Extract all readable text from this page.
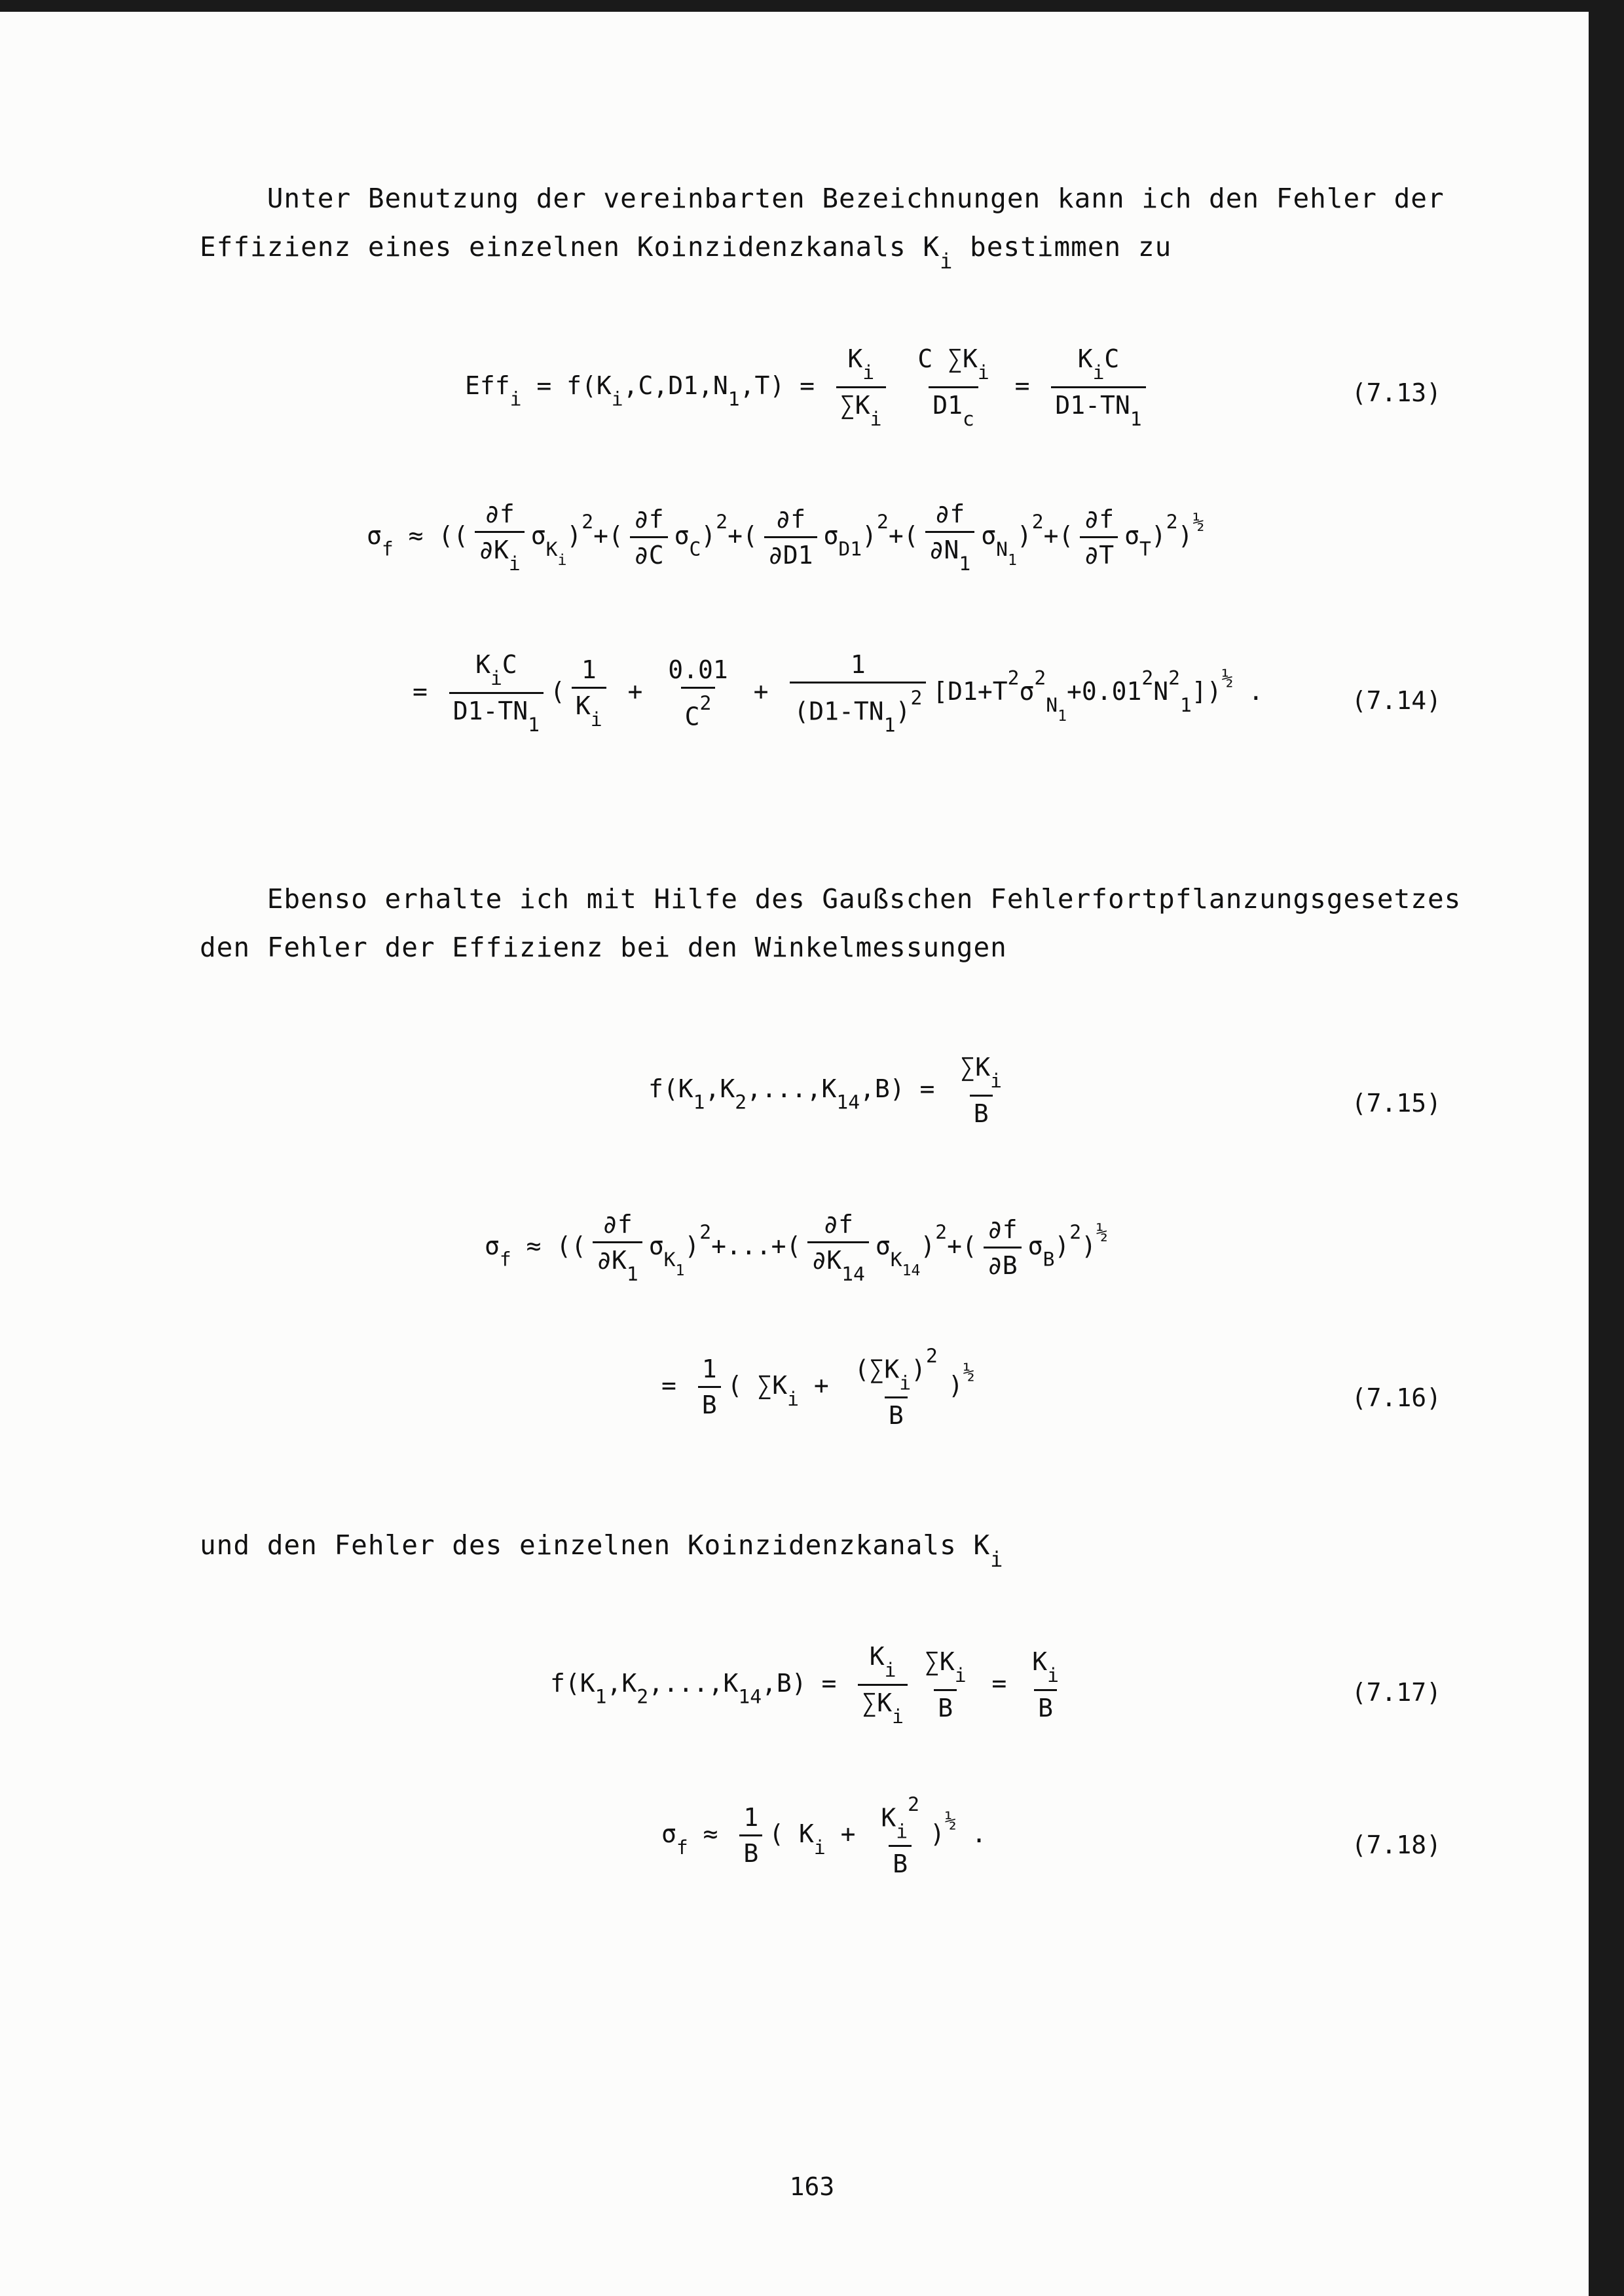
Unter Benutzung der vereinbarten Bezeichnungen kann ich den Fehler der
Effizienz eines einzelnen Koinzidenzkanals $K_i$ bestimmen zu
$Eff_i = f(K_i,C,D1,N_1,T) = \frac{K_i}{\sum K_i}$
$\frac{C \sum K_i}{D1_c} = \frac{K_iC}{D1-TN_1}$	(7.13)
$\sigma_f$ ≈ (( $\frac{\partial f}{\partial K_i} \sigma_{K_i})^2+( \frac{\partial f}{\partial C} \sigma_C)^2+( \frac{\partial f}{\partial D1} \sigma_{D1})^2+( \frac{\partial f}{\partial N_1} \sigma_{N_1})^2+( \frac{\partial f}{\partial T} \sigma_T)^2)^{\frac{1}{2}}$
= $\frac{K_iC}{D1-TN_1}$ ( $\frac{1}{K_i} + \frac{0.01}{C^2} + \frac{1}{(D1-TN_1)^2} [D1+T^2\sigma^2_{N_1}+0.01^2N^2_1])^{\frac{1}{2}}$ .	(7.14)
Ebenso erhalte ich mit Hilfe des Gaußschen Fehlerfortpflanzungsgesetzes
den Fehler der Effizienz bei den Winkelmessungen
$f(K_1,K_2,...,K_{14},B) = \frac{\sum K_i}{B}$	(7.15)
$\sigma_f$ ≈ (( $\frac{\partial f}{\partial K_1} \sigma_{K_1})^2+...+( \frac{\partial f}{\partial K_{14}} \sigma_{K_{14}})^2+( \frac{\partial f}{\partial B} \sigma_B)^2)^{\frac{1}{2}}$
= $\frac{1}{B}$ ( $\sum K_i + \frac{(\sum K_i)^2}{B} )^{\frac{1}{2}}$
(7.16)
und den Fehler des einzelnen Koinzidenzkanals $K_i$
$f(K_1,K_2,...,K_{14},B) = \frac{K_i}{\sum K_i} \frac{\sum K_i}{B} = \frac{K_i}{B}$	(7.17)
$\sigma_f \approx \frac{1}{B}$ ( $K_i + \frac{K_i^2}{B} )^{\frac{1}{2}}$ .	(7.18)
163
